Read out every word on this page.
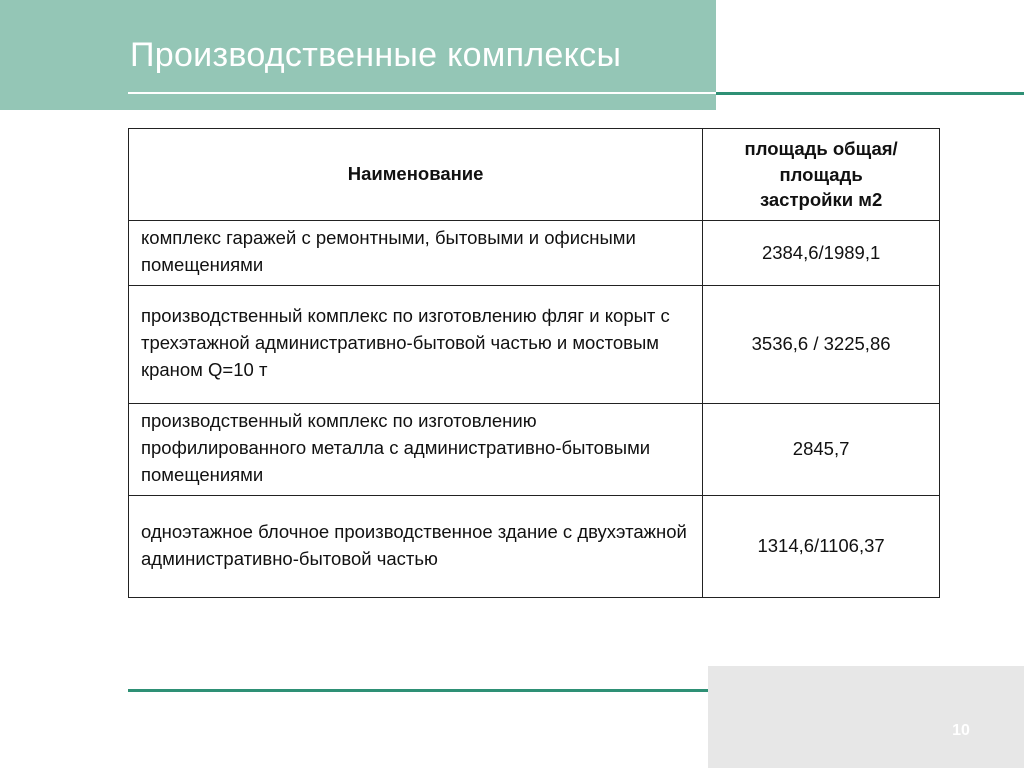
Производственные комплексы
Наименование	площадь общая/
площадь
застройки м2
комплекс гаражей с ремонтными, бытовыми и офисными помещениями	2384,6/1989,1
производственный комплекс по изготовлению фляг и корыт с трехэтажной административно-бытовой частью и мостовым краном Q=10 т	3536,6 / 3225,86
производственный комплекс по изготовлению профилированного металла с административно-бытовыми помещениями	2845,7
одноэтажное блочное производственное здание с двухэтажной административно-бытовой частью	1314,6/1106,37
10
